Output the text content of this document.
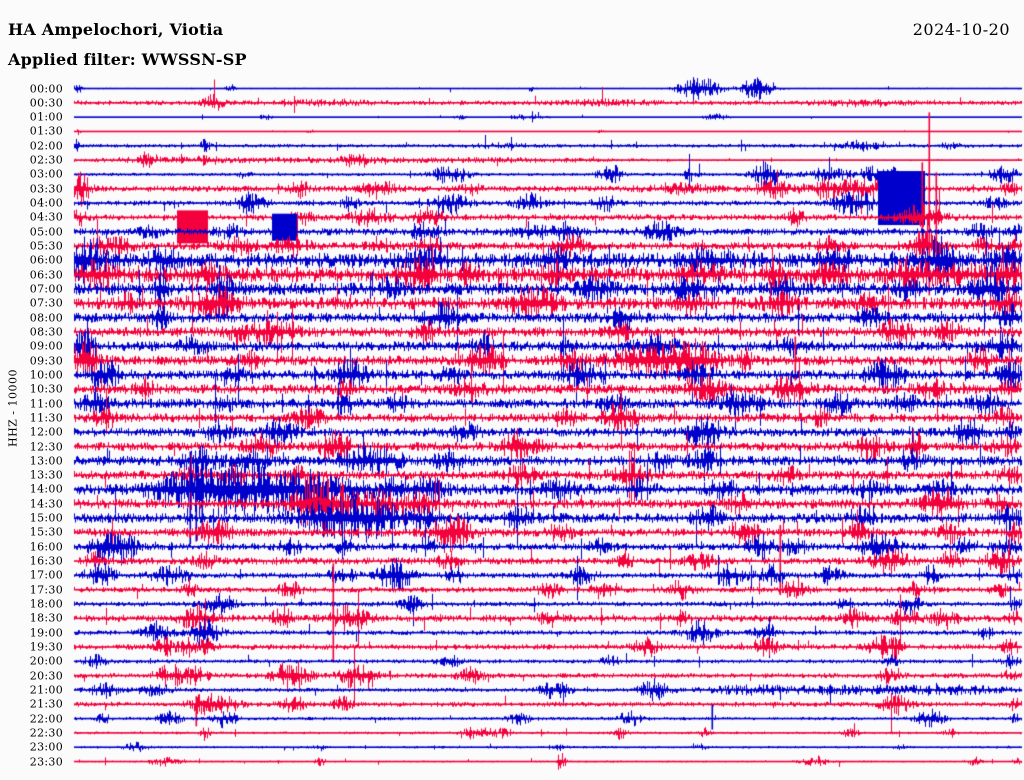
HA Ampelochori, Viotia
Applied filter: WWSSN-SP
2024-10-20
HHZ - 10000
00:00
00:30
01:00
01:30
02:00
02:30
03:00
03:30
04:00
04:30
05:00
05:30
06:00
06:30
07:00
07:30
08:00
08:30
09:00
09:30
10:00
10:30
11:00
11:30
12:00
12:30
13:00
13:30
14:00
14:30
15:00
15:30
16:00
16:30
17:00
17:30
18:00
18:30
19:00
19:30
20:00
20:30
21:00
21:30
22:00
22:30
23:00
23:30
